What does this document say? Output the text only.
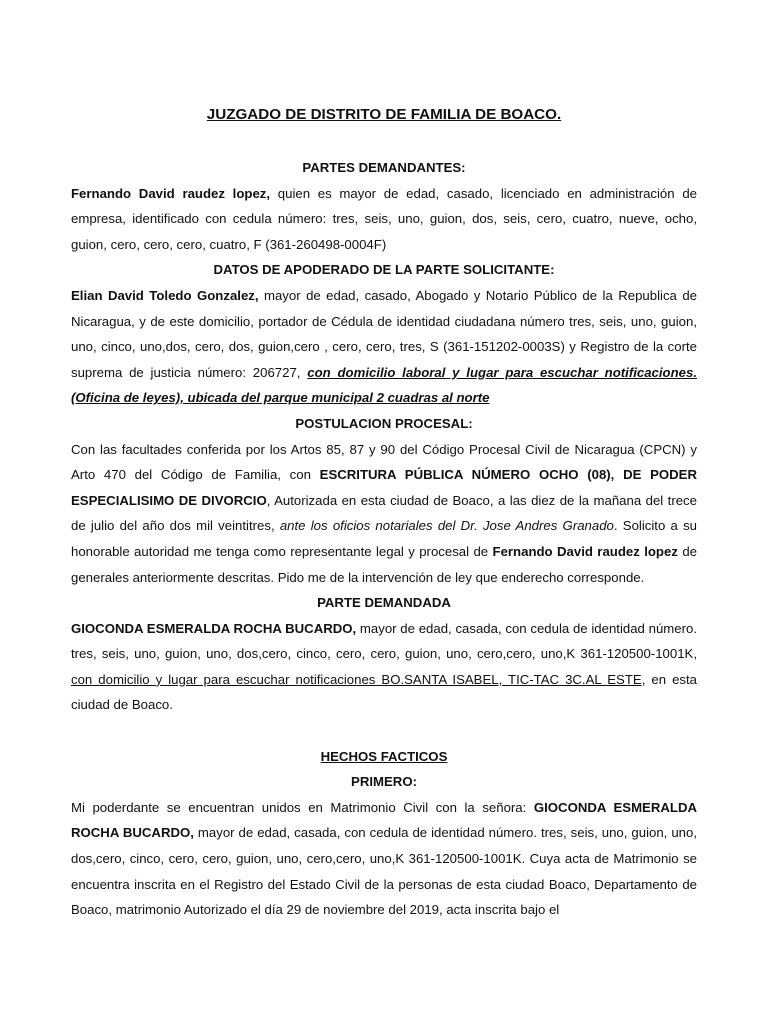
JUZGADO DE DISTRITO DE FAMILIA DE BOACO.
PARTES DEMANDANTES:

Fernando David raudez lopez, quien es mayor de edad, casado, licenciado en administración de empresa, identificado con cedula número: tres, seis, uno, guion, dos, seis, cero, cuatro, nueve, ocho, guion, cero, cero, cero, cuatro, F (361-260498-0004F)

DATOS DE APODERADO DE LA PARTE SOLICITANTE:

Elian David Toledo Gonzalez, mayor de edad, casado, Abogado y Notario Público de la Republica de Nicaragua, y de este domicilio, portador de Cédula de identidad ciudadana número tres, seis, uno, guion, uno, cinco, uno,dos, cero, dos, guion,cero , cero, cero, tres, S (361-151202-0003S) y Registro de la corte suprema de justicia número: 206727, con domicilio laboral y lugar para escuchar notificaciones. (Oficina de leyes), ubicada del parque municipal 2 cuadras al norte

POSTULACION PROCESAL:

Con las facultades conferida por los Artos 85, 87 y 90 del Código Procesal Civil de Nicaragua (CPCN) y Arto 470 del Código de Familia, con ESCRITURA PÚBLICA NÚMERO OCHO (08), DE PODER ESPECIALISIMO DE DIVORCIO, Autorizada en esta ciudad de Boaco, a las diez de la mañana del trece de julio del año dos mil veintitres, ante los oficios notariales del Dr. Jose Andres Granado. Solicito a su honorable autoridad me tenga como representante legal y procesal de Fernando David raudez lopez de generales anteriormente descritas. Pido me de la intervención de ley que enderecho corresponde.

PARTE DEMANDADA

GIOCONDA ESMERALDA ROCHA BUCARDO, mayor de edad, casada, con cedula de identidad número. tres, seis, uno, guion, uno, dos,cero, cinco, cero, cero, guion, uno, cero,cero, uno,K 361-120500-1001K, con domicilio y lugar para escuchar notificaciones BO.SANTA ISABEL, TIC-TAC 3C.AL ESTE, en esta ciudad de Boaco.

HECHOS FACTICOS
PRIMERO:

Mi poderdante se encuentran unidos en Matrimonio Civil con la señora: GIOCONDA ESMERALDA ROCHA BUCARDO, mayor de edad, casada, con cedula de identidad número. tres, seis, uno, guion, uno, dos,cero, cinco, cero, cero, guion, uno, cero,cero, uno,K 361-120500-1001K. Cuya acta de Matrimonio se encuentra inscrita en el Registro del Estado Civil de la personas de esta ciudad Boaco, Departamento de Boaco, matrimonio Autorizado el día 29 de noviembre del 2019, acta inscrita bajo el
